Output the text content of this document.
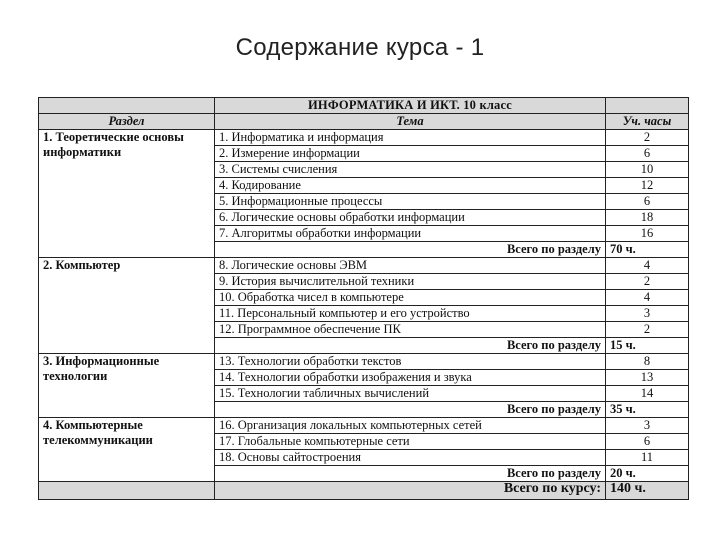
Содержание курса - 1
	ИНФОРМАТИКА И ИКТ. 10 класс	
Раздел	Тема	Уч. часы
1. Теоретические основы информатики	1. Информатика и информация	2
	2. Измерение информации	6
	3. Системы счисления	10
	4. Кодирование	12
	5. Информационные процессы	6
	6. Логические основы обработки информации	18
	7. Алгоритмы обработки информации	16
	Всего по разделу	70 ч.
2. Компьютер	8. Логические основы ЭВМ	4
	9. История вычислительной техники	2
	10. Обработка чисел в компьютере	4
	11. Персональный компьютер и его устройство	3
	12. Программное обеспечение ПК	2
	Всего по разделу	15 ч.
3. Информационные технологии	13. Технологии обработки текстов	8
	14. Технологии обработки изображения и звука	13
	15. Технологии табличных вычислений	14
	Всего по разделу	35 ч.
4. Компьютерные телекоммуникации	16. Организация локальных компьютерных сетей	3
	17. Глобальные компьютерные сети	6
	18. Основы сайтостроения	11
	Всего по разделу	20 ч.
	Всего по курсу:	140 ч.
